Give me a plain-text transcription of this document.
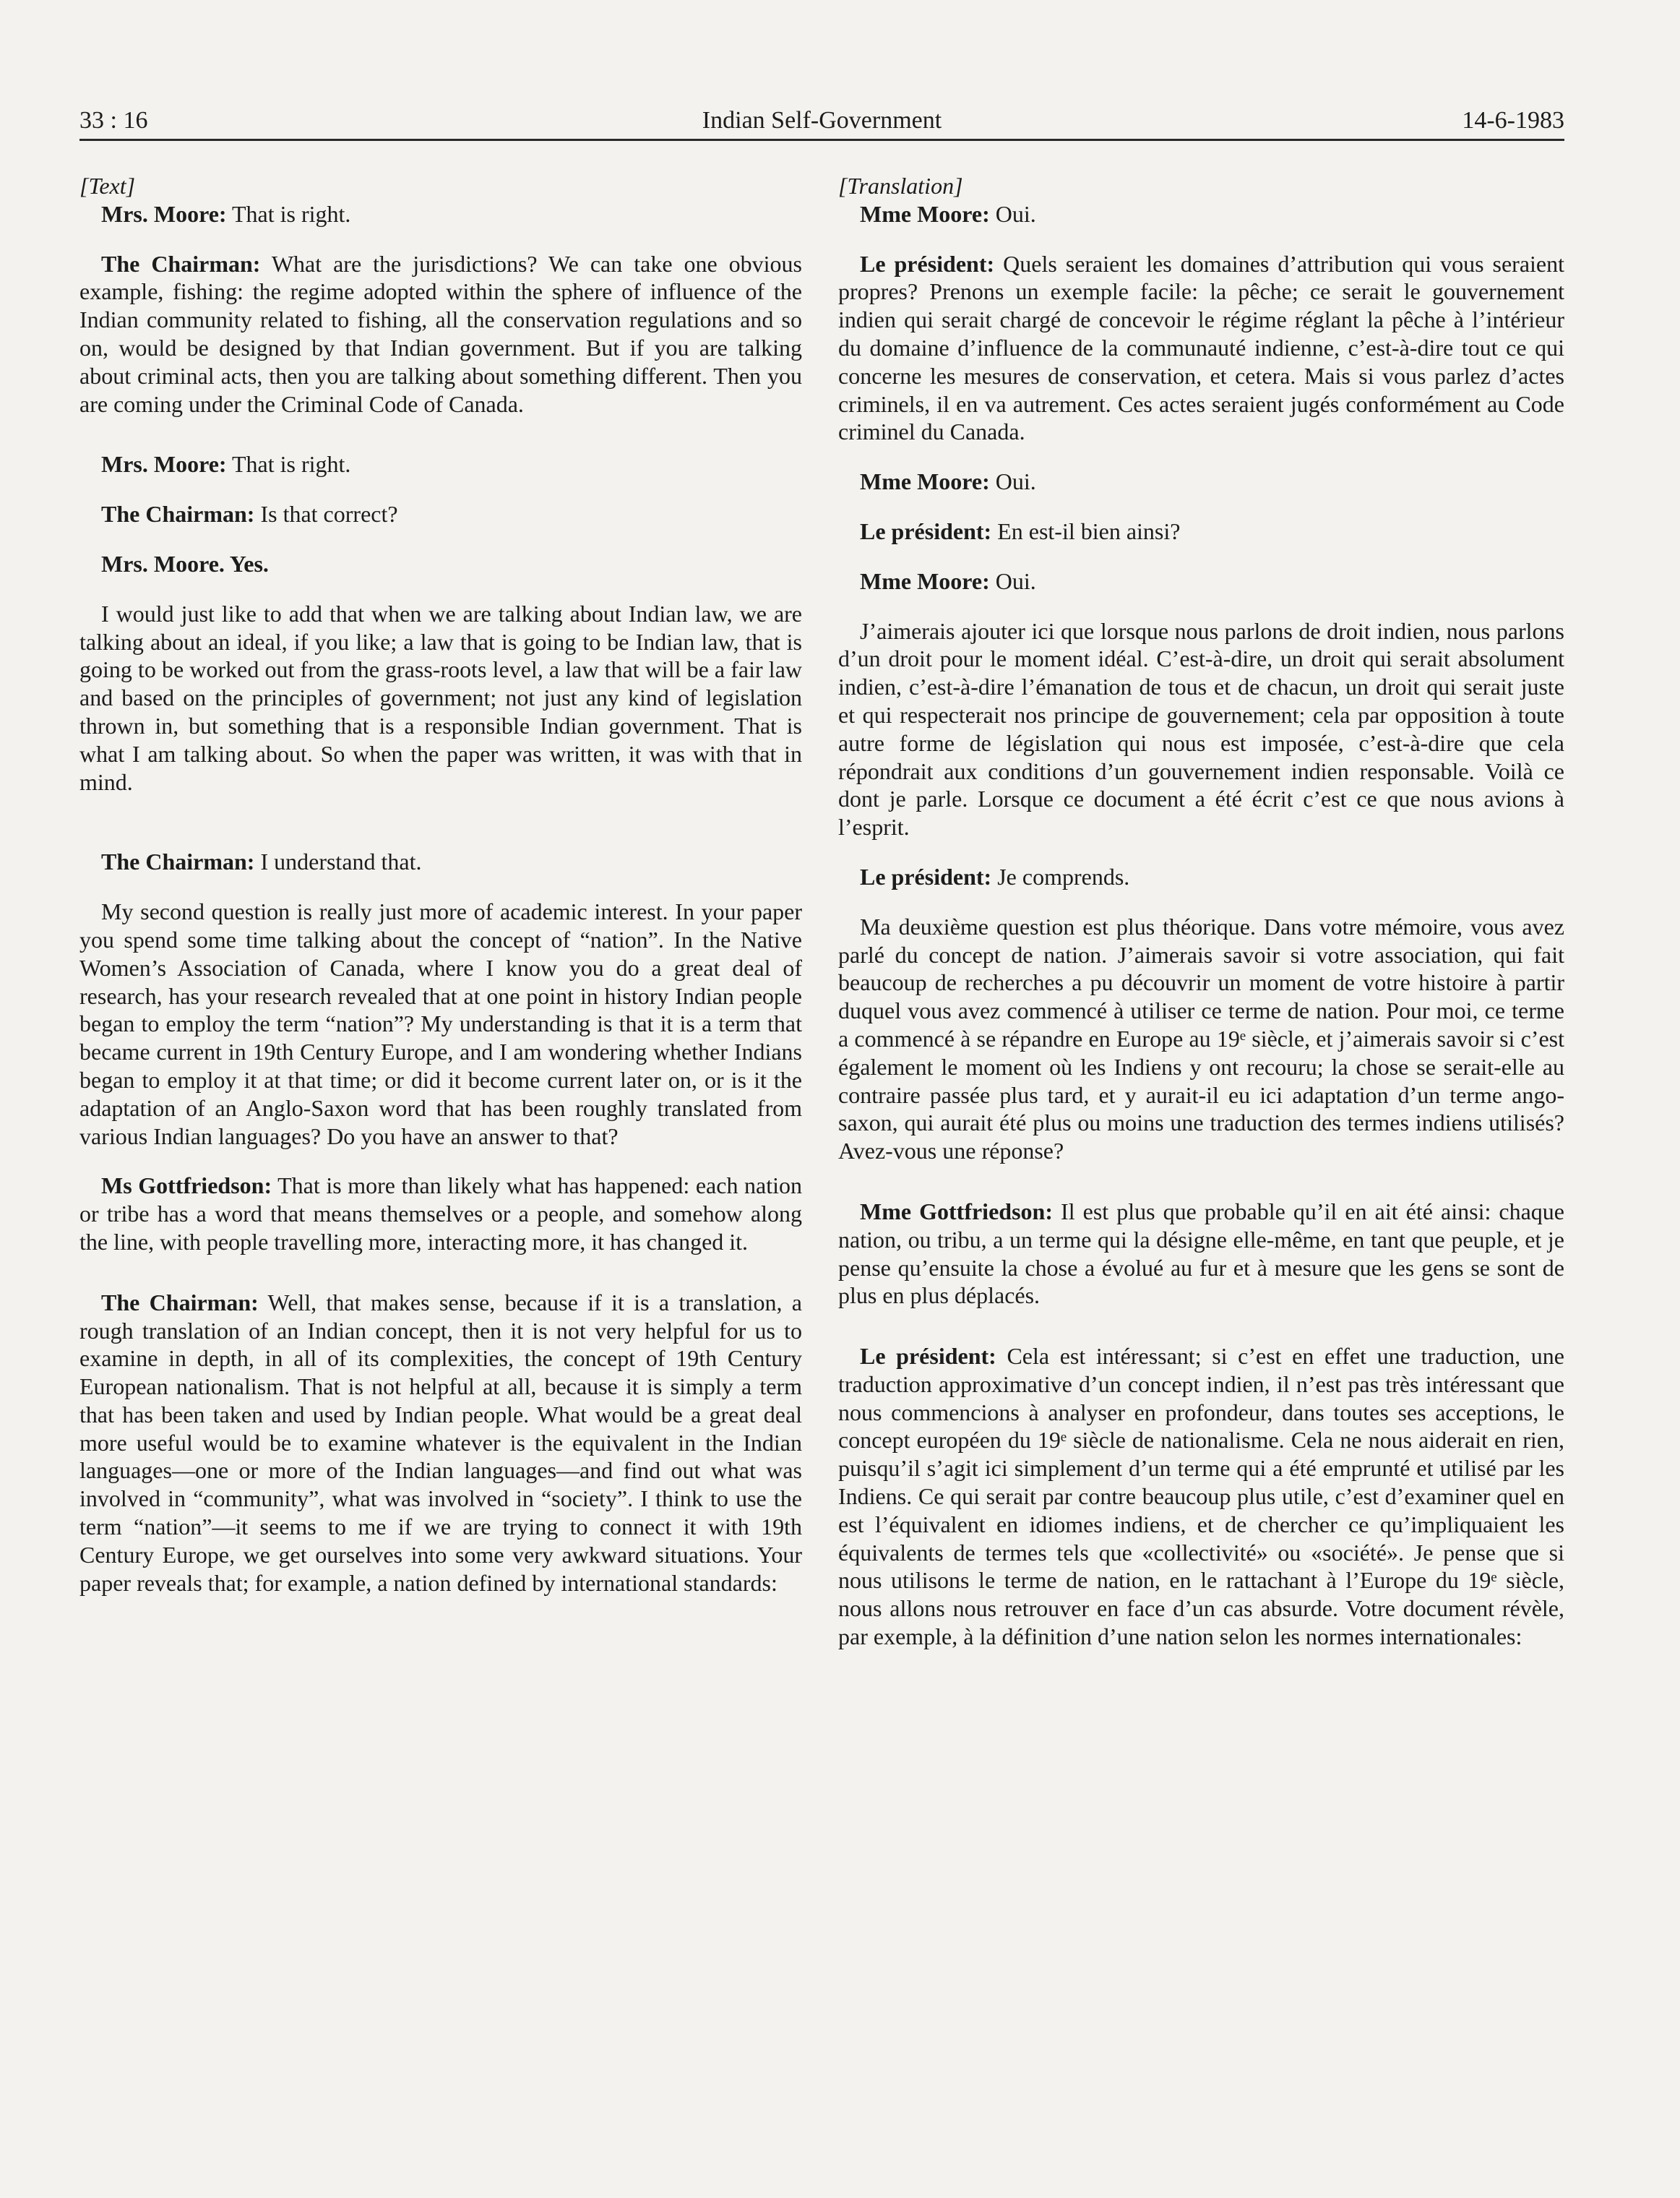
33 : 16	Indian Self-Government	14-6-1983

[Text]

Mrs. Moore: That is right.

The Chairman: What are the jurisdictions? We can take one obvious example, fishing: the regime adopted within the sphere of influence of the Indian community related to fishing, all the conservation regulations and so on, would be designed by that Indian government. But if you are talking about criminal acts, then you are talking about something different. Then you are coming under the Criminal Code of Canada.

Mrs. Moore: That is right.

The Chairman: Is that correct?

Mrs. Moore. Yes.

I would just like to add that when we are talking about Indian law, we are talking about an ideal, if you like; a law that is going to be Indian law, that is going to be worked out from the grass-roots level, a law that will be a fair law and based on the principles of government; not just any kind of legislation thrown in, but something that is a responsible Indian government. That is what I am talking about. So when the paper was written, it was with that in mind.

The Chairman: I understand that.

My second question is really just more of academic interest. In your paper you spend some time talking about the concept of “nation”. In the Native Women’s Association of Canada, where I know you do a great deal of research, has your research revealed that at one point in history Indian people began to employ the term “nation”? My understanding is that it is a term that became current in 19th Century Europe, and I am wondering whether Indians began to employ it at that time; or did it become current later on, or is it the adaptation of an Anglo-Saxon word that has been roughly translated from various Indian languages? Do you have an answer to that?

Ms Gottfriedson: That is more than likely what has happened: each nation or tribe has a word that means themselves or a people, and somehow along the line, with people travelling more, interacting more, it has changed it.

The Chairman: Well, that makes sense, because if it is a translation, a rough translation of an Indian concept, then it is not very helpful for us to examine in depth, in all of its complexities, the concept of 19th Century European nationalism. That is not helpful at all, because it is simply a term that has been taken and used by Indian people. What would be a great deal more useful would be to examine whatever is the equivalent in the Indian languages—one or more of the Indian languages—and find out what was involved in “community”, what was involved in “society”. I think to use the term “nation”—it seems to me if we are trying to connect it with 19th Century Europe, we get ourselves into some very awkward situations. Your paper reveals that; for example, a nation defined by international standards:

[Translation]

Mme Moore: Oui.

Le président: Quels seraient les domaines d’attribution qui vous seraient propres? Prenons un exemple facile: la pêche; ce serait le gouvernement indien qui serait chargé de concevoir le régime réglant la pêche à l’intérieur du domaine d’influence de la communauté indienne, c’est-à-dire tout ce qui concerne les mesures de conservation, et cetera. Mais si vous parlez d’actes criminels, il en va autrement. Ces actes seraient jugés conformément au Code criminel du Canada.

Mme Moore: Oui.

Le président: En est-il bien ainsi?

Mme Moore: Oui.

J’aimerais ajouter ici que lorsque nous parlons de droit indien, nous parlons d’un droit pour le moment idéal. C’est-à-dire, un droit qui serait absolument indien, c’est-à-dire l’émanation de tous et de chacun, un droit qui serait juste et qui respecterait nos principe de gouvernement; cela par opposition à toute autre forme de législation qui nous est imposée, c’est-à-dire que cela répondrait aux conditions d’un gouvernement indien responsable. Voilà ce dont je parle. Lorsque ce document a été écrit c’est ce que nous avions à l’esprit.

Le président: Je comprends.

Ma deuxième question est plus théorique. Dans votre mémoire, vous avez parlé du concept de nation. J’aimerais savoir si votre association, qui fait beaucoup de recherches a pu découvrir un moment de votre histoire à partir duquel vous avez commencé à utiliser ce terme de nation. Pour moi, ce terme a commencé à se répandre en Europe au 19ᵉ siècle, et j’aimerais savoir si c’est également le moment où les Indiens y ont recouru; la chose se serait-elle au contraire passée plus tard, et y aurait-il eu ici adaptation d’un terme ango-saxon, qui aurait été plus ou moins une traduction des termes indiens utilisés? Avez-vous une réponse?

Mme Gottfriedson: Il est plus que probable qu’il en ait été ainsi: chaque nation, ou tribu, a un terme qui la désigne elle-même, en tant que peuple, et je pense qu’ensuite la chose a évolué au fur et à mesure que les gens se sont de plus en plus déplacés.

Le président: Cela est intéressant; si c’est en effet une traduction, une traduction approximative d’un concept indien, il n’est pas très intéressant que nous commencions à analyser en profondeur, dans toutes ses acceptions, le concept européen du 19ᵉ siècle de nationalisme. Cela ne nous aiderait en rien, puisqu’il s’agit ici simplement d’un terme qui a été emprunté et utilisé par les Indiens. Ce qui serait par contre beaucoup plus utile, c’est d’examiner quel en est l’équivalent en idiomes indiens, et de chercher ce qu’impliquaient les équivalents de termes tels que «collectivité» ou «société». Je pense que si nous utilisons le terme de nation, en le rattachant à l’Europe du 19ᵉ siècle, nous allons nous retrouver en face d’un cas absurde. Votre document révèle, par exemple, à la définition d’une nation selon les normes internationales:
